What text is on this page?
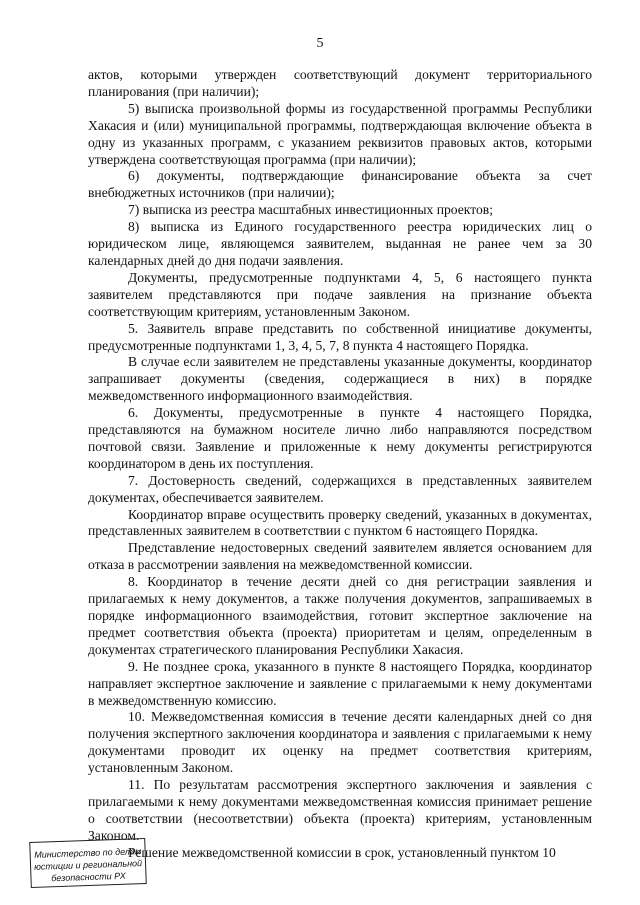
5

актов, которыми утвержден соответствующий документ территориального планирования (при наличии);

5) выписка произвольной формы из государственной программы Республики Хакасия и (или) муниципальной программы, подтверждающая включение объекта в одну из указанных программ, с указанием реквизитов правовых актов, которыми утверждена соответствующая программа (при наличии);

6) документы, подтверждающие финансирование объекта за счет внебюджетных источников (при наличии);

7) выписка из реестра масштабных инвестиционных проектов;

8) выписка из Единого государственного реестра юридических лиц о юридическом лице, являющемся заявителем, выданная не ранее чем за 30 календарных дней до дня подачи заявления.

Документы, предусмотренные подпунктами 4, 5, 6 настоящего пункта заявителем представляются при подаче заявления на признание объекта соответствующим критериям, установленным Законом.

5. Заявитель вправе представить по собственной инициативе документы, предусмотренные подпунктами 1, 3, 4, 5, 7, 8 пункта 4 настоящего Порядка.

В случае если заявителем не представлены указанные документы, координатор запрашивает документы (сведения, содержащиеся в них) в порядке межведомственного информационного взаимодействия.

6. Документы, предусмотренные в пункте 4 настоящего Порядка, представляются на бумажном носителе лично либо направляются посредством почтовой связи. Заявление и приложенные к нему документы регистрируются координатором в день их поступления.

7. Достоверность сведений, содержащихся в представленных заявителем документах, обеспечивается заявителем.

Координатор вправе осуществить проверку сведений, указанных в документах, представленных заявителем в соответствии с пунктом 6 настоящего Порядка.

Представление недостоверных сведений заявителем является основанием для отказа в рассмотрении заявления на межведомственной комиссии.

8. Координатор в течение десяти дней со дня регистрации заявления и прилагаемых к нему документов, а также получения документов, запрашиваемых в порядке информационного взаимодействия, готовит экспертное заключение на предмет соответствия объекта (проекта) приоритетам и целям, определенным в документах стратегического планирования Республики Хакасия.

9. Не позднее срока, указанного в пункте 8 настоящего Порядка, координатор направляет экспертное заключение и заявление с прилагаемыми к нему документами в межведомственную комиссию.

10. Межведомственная комиссия в течение десяти календарных дней со дня получения экспертного заключения координатора и заявления с прилагаемыми к нему документами проводит их оценку на предмет соответствия критериям, установленным Законом.

11. По результатам рассмотрения экспертного заключения и заявления с прилагаемыми к нему документами межведомственная комиссия принимает решение о соответствии (несоответствии) объекта (проекта) критериям, установленным Законом.

Решение межведомственной комиссии в срок, установленный пунктом 10

Министерство по делам
юстиции и региональной
безопасности РХ
